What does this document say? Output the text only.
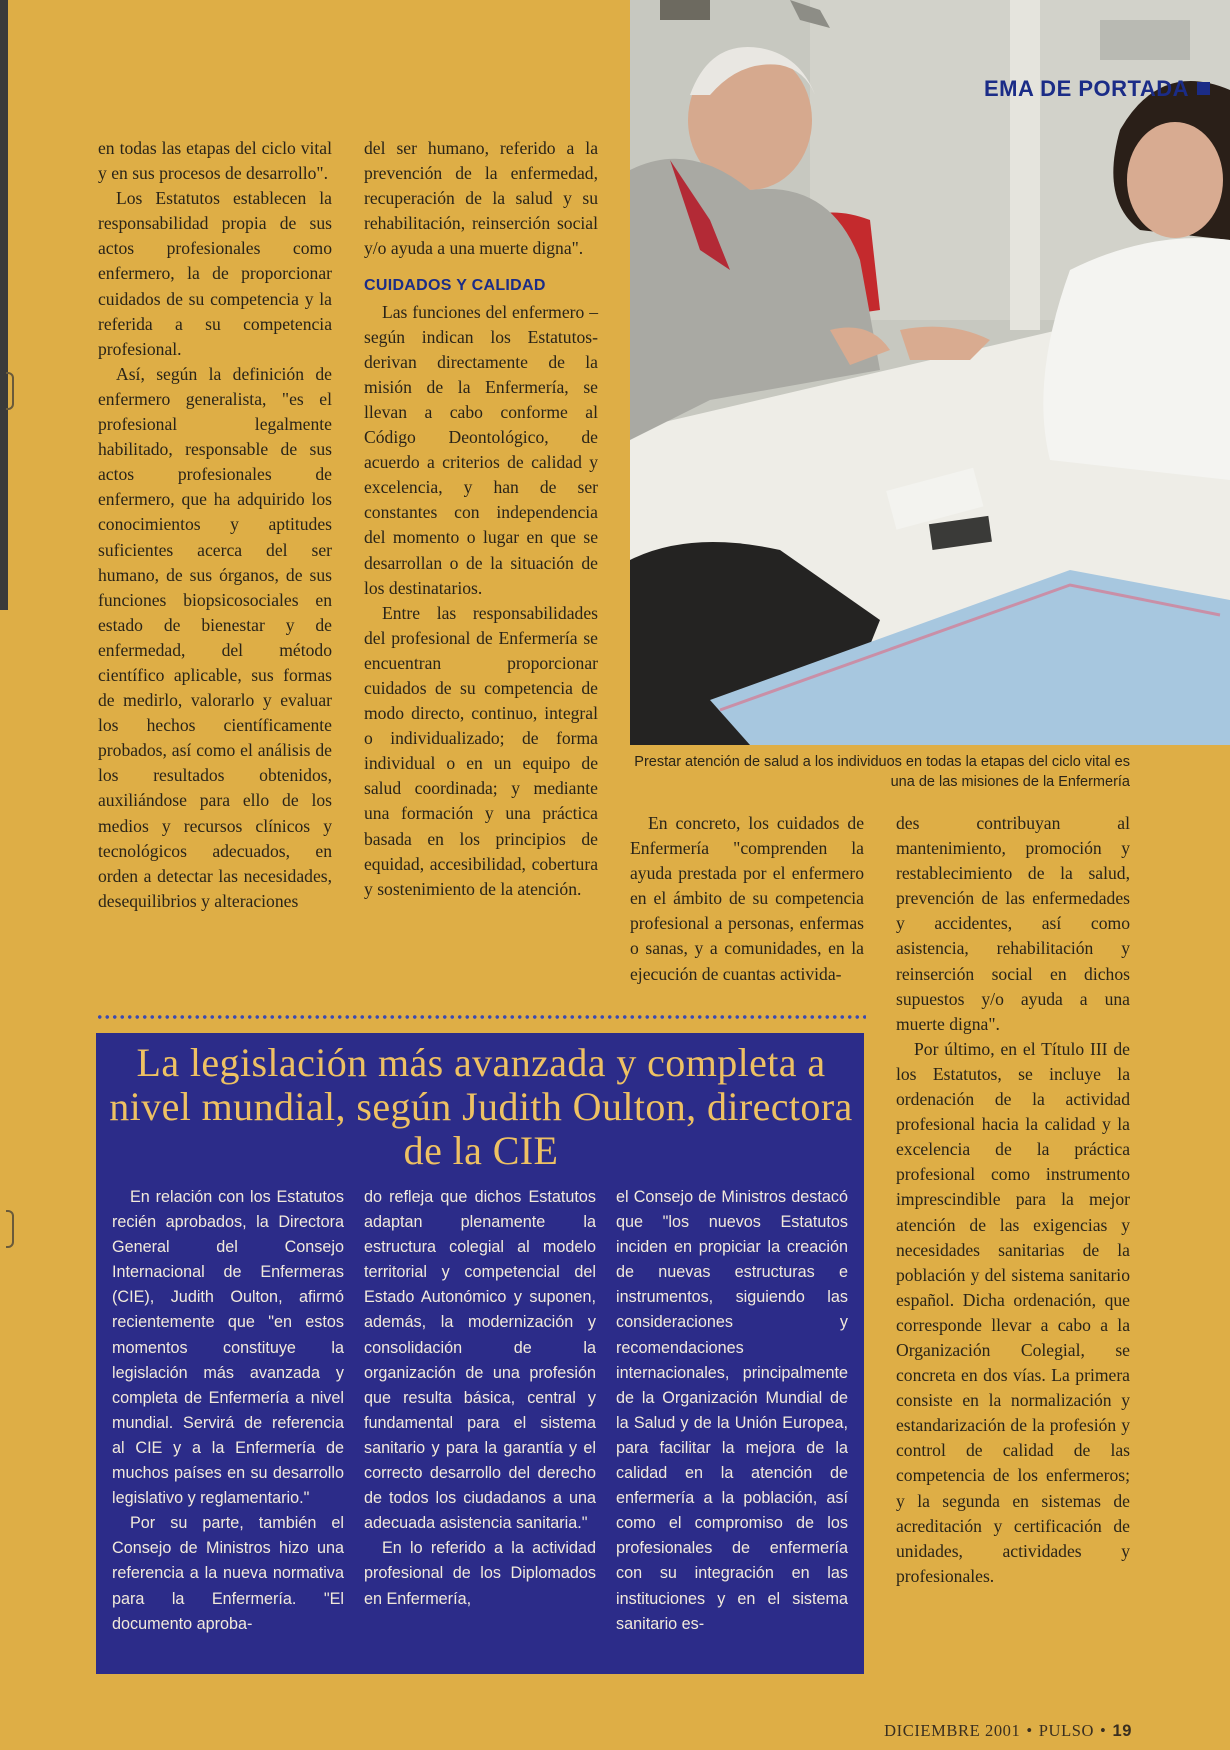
EMA DE PORTADA
Prestar atención de salud a los individuos en todas la etapas del ciclo vital es una de las misiones de la Enfermería

en todas las etapas del ciclo vital y en sus procesos de desarrollo".

Los Estatutos establecen la responsabilidad propia de sus actos profesionales como enfermero, la de proporcionar cuidados de su competencia y la referida a su competencia profesional.

Así, según la definición de enfermero generalista, "es el profesional legalmente habilitado, responsable de sus actos profesionales de enfermero, que ha adquirido los conocimientos y aptitudes suficientes acerca del ser humano, de sus órganos, de sus funciones biopsicosociales en estado de bienestar y de enfermedad, del método científico aplicable, sus formas de medirlo, valorarlo y evaluar los hechos científicamente probados, así como el análisis de los resultados obtenidos, auxiliándose para ello de los medios y recursos clínicos y tecnológicos adecuados, en orden a detectar las necesidades, desequilibrios y alteraciones

del ser humano, referido a la prevención de la enfermedad, recuperación de la salud y su rehabilitación, reinserción social y/o ayuda a una muerte digna".

CUIDADOS Y CALIDAD

Las funciones del enfermero –según indican los Estatutos- derivan directamente de la misión de la Enfermería, se llevan a cabo conforme al Código Deontológico, de acuerdo a criterios de calidad y excelencia, y han de ser constantes con independencia del momento o lugar en que se desarrollan o de la situación de los destinatarios.

Entre las responsabilidades del profesional de Enfermería se encuentran proporcionar cuidados de su competencia de modo directo, continuo, integral o individualizado; de forma individual o en un equipo de salud coordinada; y mediante una formación y una práctica basada en los principios de equidad, accesibilidad, cobertura y sostenimiento de la atención.

En concreto, los cuidados de Enfermería "comprenden la ayuda prestada por el enfermero en el ámbito de su competencia profesional a personas, enfermas o sanas, y a comunidades, en la ejecución de cuantas activida-

des contribuyan al mantenimiento, promoción y restablecimiento de la salud, prevención de las enfermedades y accidentes, así como asistencia, rehabilitación y reinserción social en dichos supuestos y/o ayuda a una muerte digna".

Por último, en el Título III de los Estatutos, se incluye la ordenación de la actividad profesional hacia la calidad y la excelencia de la práctica profesional como instrumento imprescindible para la mejor atención de las exigencias y necesidades sanitarias de la población y del sistema sanitario español. Dicha ordenación, que corresponde llevar a cabo a la Organización Colegial, se concreta en dos vías. La primera consiste en la normalización y estandarización de la profesión y control de calidad de las competencia de los enfermeros; y la segunda en sistemas de acreditación y certificación de unidades, actividades y profesionales.

La legislación más avanzada y completa a nivel mundial, según Judith Oulton, directora de la CIE

En relación con los Estatutos recién aprobados, la Directora General del Consejo Internacional de Enfermeras (CIE), Judith Oulton, afirmó recientemente que "en estos momentos constituye la legislación más avanzada y completa de Enfermería a nivel mundial. Servirá de referencia al CIE y a la Enfermería de muchos países en su desarrollo legislativo y reglamentario."

Por su parte, también el Consejo de Ministros hizo una referencia a la nueva normativa para la Enfermería. "El documento aproba-

do refleja que dichos Estatutos adaptan plenamente la estructura colegial al modelo territorial y competencial del Estado Autonómico y suponen, además, la modernización y consolidación de la organización de una profesión que resulta básica, central y fundamental para el sistema sanitario y para la garantía y el correcto desarrollo del derecho de todos los ciudadanos a una adecuada asistencia sanitaria."

En lo referido a la actividad profesional de los Diplomados en Enfermería,

el Consejo de Ministros destacó que "los nuevos Estatutos inciden en propiciar la creación de nuevas estructuras e instrumentos, siguiendo las consideraciones y recomendaciones internacionales, principalmente de la Organización Mundial de la Salud y de la Unión Europea, para facilitar la mejora de la calidad en la atención de enfermería a la población, así como el compromiso de los profesionales de enfermería con su integración en las instituciones y en el sistema sanitario es-

DICIEMBRE 2001 • PULSO • 19
